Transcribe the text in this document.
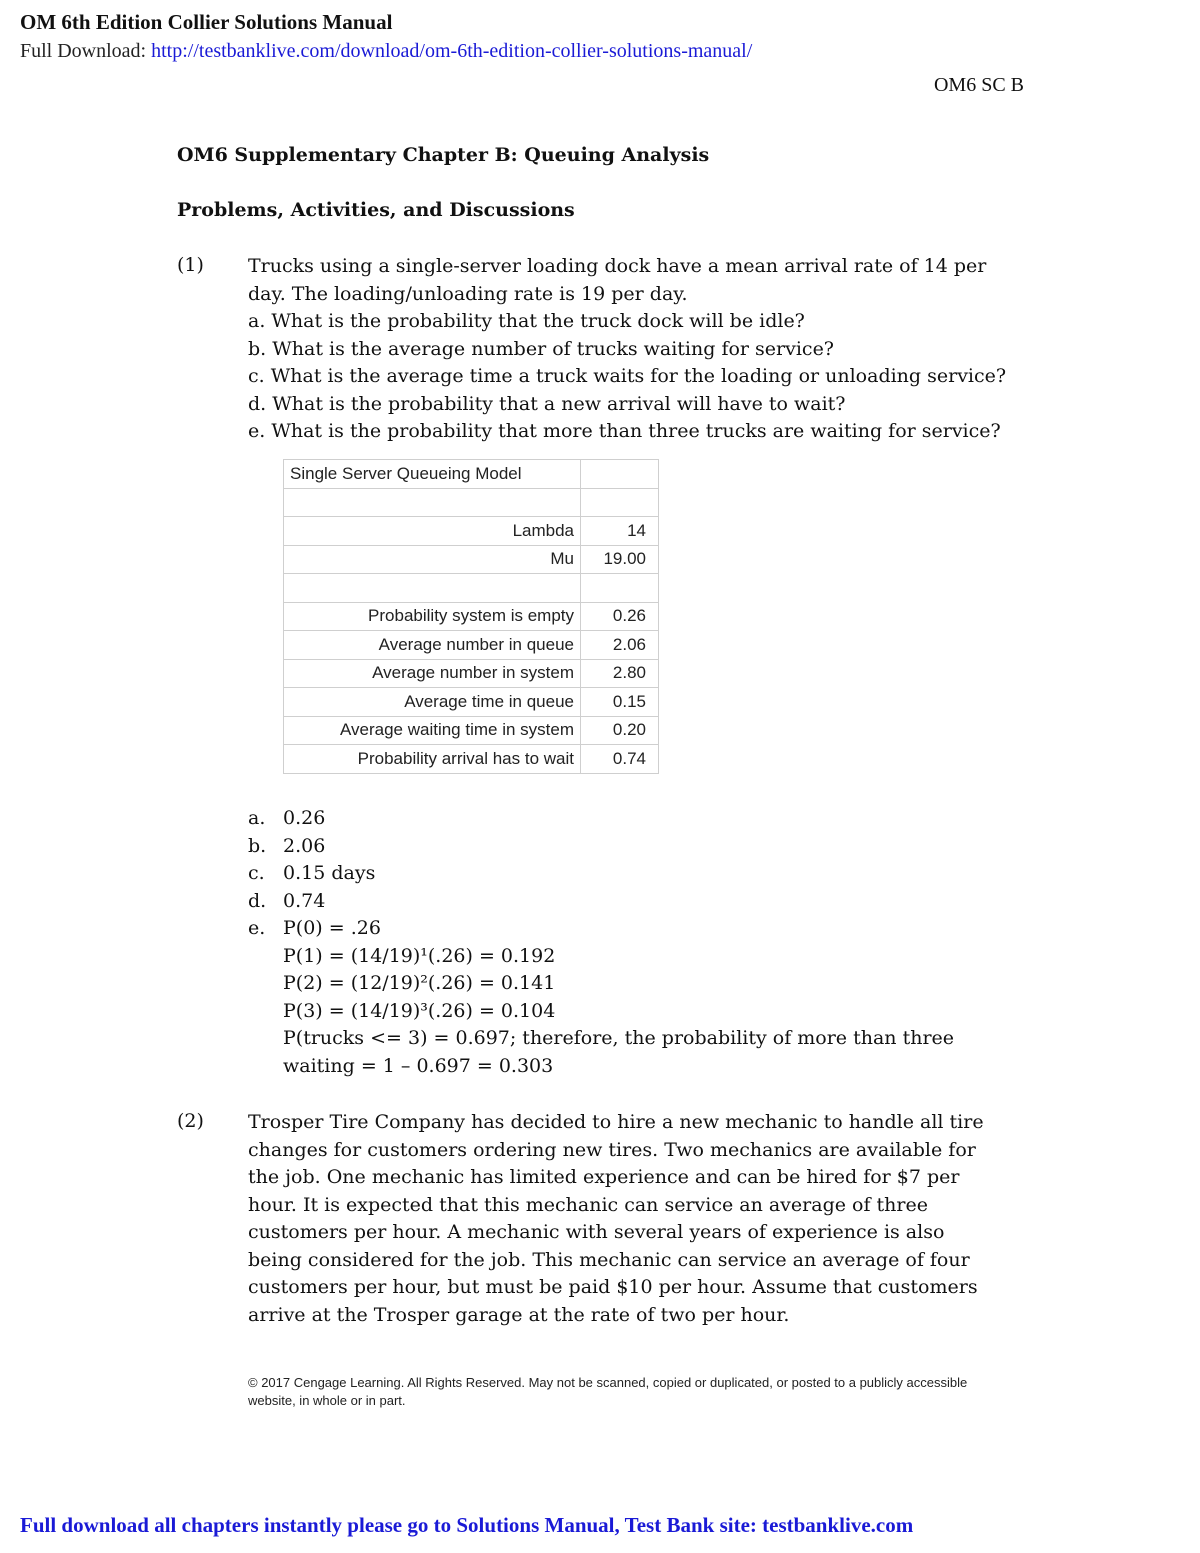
OM 6th Edition Collier Solutions Manual
Full Download: http://testbanklive.com/download/om-6th-edition-collier-solutions-manual/
OM6 SC B
OM6 Supplementary Chapter B: Queuing Analysis
Problems, Activities, and Discussions
(1) Trucks using a single-server loading dock have a mean arrival rate of 14 per
day. The loading/unloading rate is 19 per day.
a. What is the probability that the truck dock will be idle?
b. What is the average number of trucks waiting for service?
c. What is the average time a truck waits for the loading or unloading service?
d. What is the probability that a new arrival will have to wait?
e. What is the probability that more than three trucks are waiting for service?
Single Server Queueing Model	

Lambda	14
Mu	19.00

Probability system is empty	0.26
Average number in queue	2.06
Average number in system	2.80
Average time in queue	0.15
Average waiting time in system	0.20
Probability arrival has to wait	0.74
a. 0.26
b. 2.06
c. 0.15 days
d. 0.74
e. P(0) = .26
P(1) = (14/19)¹(.26) = 0.192
P(2) = (12/19)²(.26) = 0.141
P(3) = (14/19)³(.26) = 0.104
P(trucks <= 3) = 0.697; therefore, the probability of more than three
waiting = 1 – 0.697 = 0.303
(2) Trosper Tire Company has decided to hire a new mechanic to handle all tire
changes for customers ordering new tires. Two mechanics are available for
the job. One mechanic has limited experience and can be hired for $7 per
hour. It is expected that this mechanic can service an average of three
customers per hour. A mechanic with several years of experience is also
being considered for the job. This mechanic can service an average of four
customers per hour, but must be paid $10 per hour. Assume that customers
arrive at the Trosper garage at the rate of two per hour.
© 2017 Cengage Learning. All Rights Reserved. May not be scanned, copied or duplicated, or posted to a publicly accessible website, in whole or in part.
Full download all chapters instantly please go to Solutions Manual, Test Bank site: testbanklive.com
